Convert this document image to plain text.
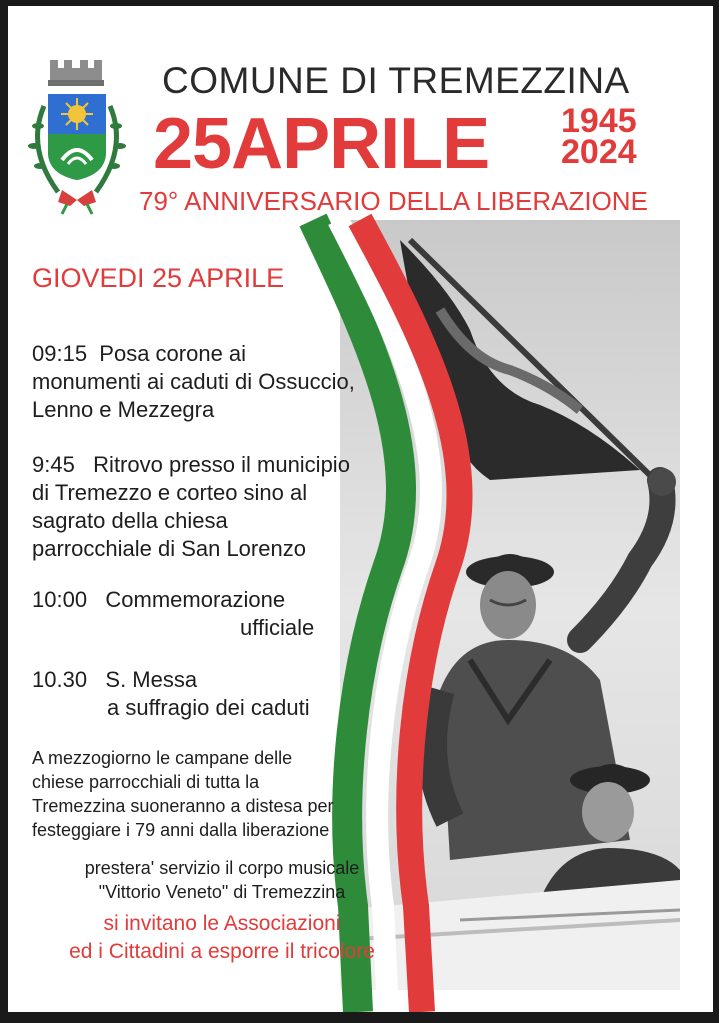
COMUNE DI TREMEZZINA
25APRILE 1945
2024
79° ANNIVERSARIO DELLA LIBERAZIONE
GIOVEDI 25 APRILE
09:15 Posa corone ai
monumenti ai caduti di Ossuccio,
Lenno e Mezzegra
9:45 Ritrovo presso il municipio
di Tremezzo e corteo sino al
sagrato della chiesa
parrocchiale di San Lorenzo
10:00 Commemorazione
ufficiale
10.30 S. Messa
a suffragio dei caduti
A mezzogiorno le campane delle
chiese parrocchiali di tutta la
Tremezzina suoneranno a distesa per
festeggiare i 79 anni dalla liberazione
prestera' servizio il corpo musicale
"Vittorio Veneto" di Tremezzina
si invitano le Associazioni
ed i Cittadini a esporre il tricolore
